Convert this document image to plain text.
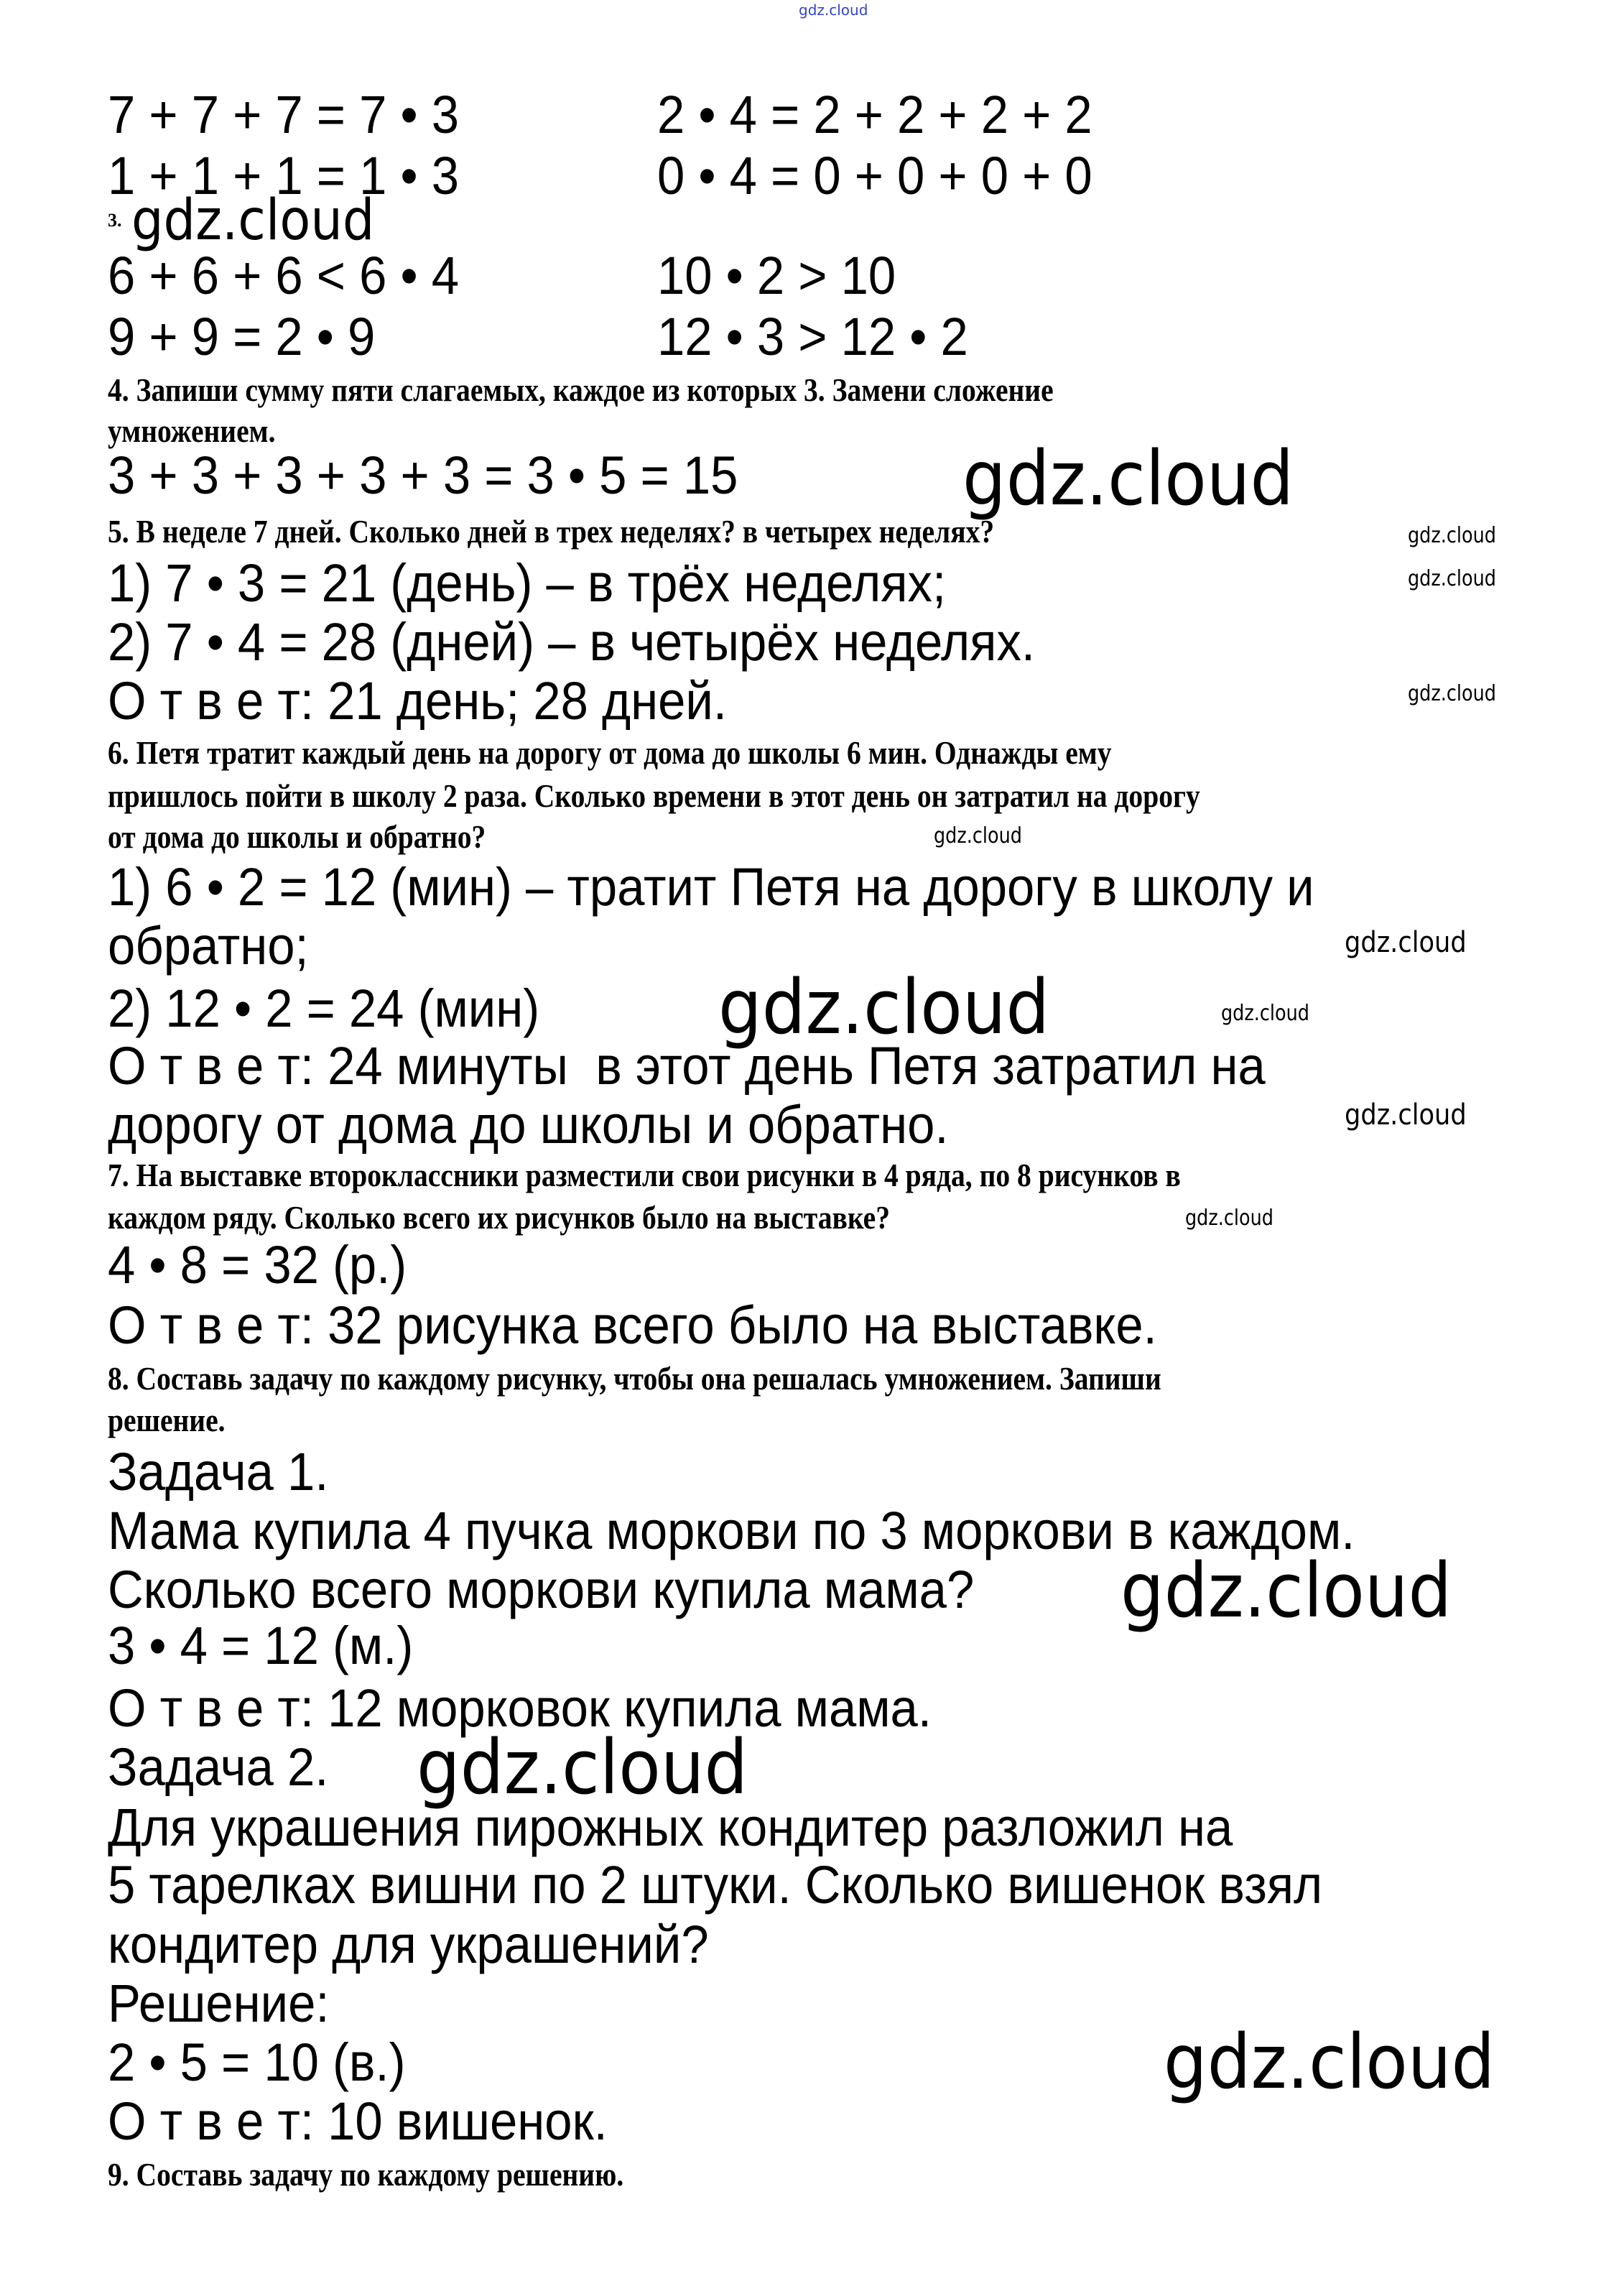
gdz.cloud
7 + 7 + 7 = 7 • 3	2 • 4 = 2 + 2 + 2 + 2
1 + 1 + 1 = 1 • 3	0 • 4 = 0 + 0 + 0 + 0
3. gdz.cloud
6 + 6 + 6 < 6 • 4	10 • 2 > 10
9 + 9 = 2 • 9	12 • 3 > 12 • 2
4. Запиши сумму пяти слагаемых, каждое из которых 3. Замени сложение
умножением.
3 + 3 + 3 + 3 + 3 = 3 • 5 = 15	gdz.cloud
5. В неделе 7 дней. Сколько дней в трех неделях? в четырех неделях?	gdz.cloud
gdz.cloud
1) 7 • 3 = 21 (день) – в трёх неделях;
2) 7 • 4 = 28 (дней) – в четырёх неделях.
gdz.cloud
О т в е т: 21 день; 28 дней.
6. Петя тратит каждый день на дорогу от дома до школы 6 мин. Однажды ему
пришлось пойти в школу 2 раза. Сколько времени в этот день он затратил на дорогу
gdz.cloud
от дома до школы и обратно?
1) 6 • 2 = 12 (мин) – тратит Петя на дорогу в школу и
gdz.cloud
обратно;
2) 12 • 2 = 24 (мин) gdz.cloud	gdz.cloud
О т в е т: 24 минуты  в этот день Петя затратил на
gdz.cloud
дорогу от дома до школы и обратно.
7. На выставке второклассники разместили свои рисунки в 4 ряда, по 8 рисунков в
gdz.cloud
каждом ряду. Сколько всего их рисунков было на выставке?
4 • 8 = 32 (р.)
О т в е т: 32 рисунка всего было на выставке.
8. Составь задачу по каждому рисунку, чтобы она решалась умножением. Запиши
решение.
Задача 1.
Мама купила 4 пучка моркови по 3 моркови в каждом.
Сколько всего моркови купила мама? gdz.cloud
3 • 4 = 12 (м.)
О т в е т: 12 морковок купила мама.
Задача 2. gdz.cloud
Для украшения пирожных кондитер разложил на
5 тарелках вишни по 2 штуки. Сколько вишенок взял
кондитер для украшений?
Решение:
2 • 5 = 10 (в.)	gdz.cloud
О т в е т: 10 вишенок.
9. Составь задачу по каждому решению.
